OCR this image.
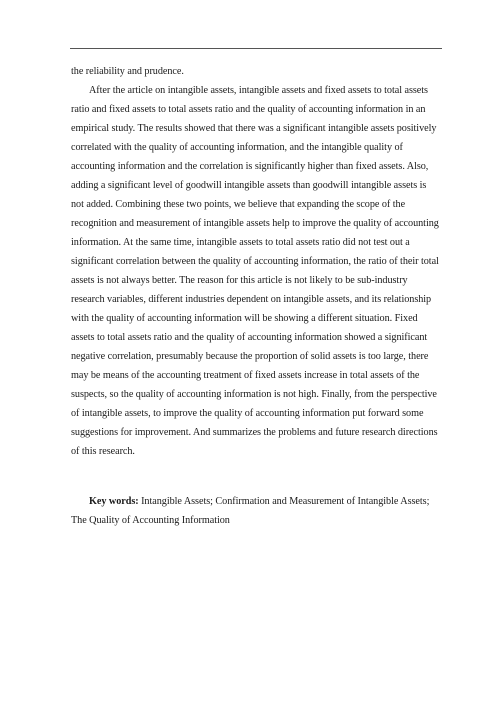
the reliability and prudence.
After the article on intangible assets, intangible assets and fixed assets to total assets
ratio and fixed assets to total assets ratio and the quality of accounting information in an
empirical study. The results showed that there was a significant intangible assets positively
correlated with the quality of accounting information, and the intangible quality of
accounting information and the correlation is significantly higher than fixed assets. Also,
adding a significant level of goodwill intangible assets than goodwill intangible assets is
not added. Combining these two points, we believe that expanding the scope of the
recognition and measurement of intangible assets help to improve the quality of accounting
information. At the same time, intangible assets to total assets ratio did not test out a
significant correlation between the quality of accounting information, the ratio of their total
assets is not always better. The reason for this article is not likely to be sub-industry
research variables, different industries dependent on intangible assets, and its relationship
with the quality of accounting information will be showing a different situation. Fixed
assets to total assets ratio and the quality of accounting information showed a significant
negative correlation, presumably because the proportion of solid assets is too large, there
may be means of the accounting treatment of fixed assets increase in total assets of the
suspects, so the quality of accounting information is not high. Finally, from the perspective
of intangible assets, to improve the quality of accounting information put forward some
suggestions for improvement. And summarizes the problems and future research directions
of this research.
Key words: Intangible Assets; Confirmation and Measurement of Intangible Assets;
The Quality of Accounting Information
